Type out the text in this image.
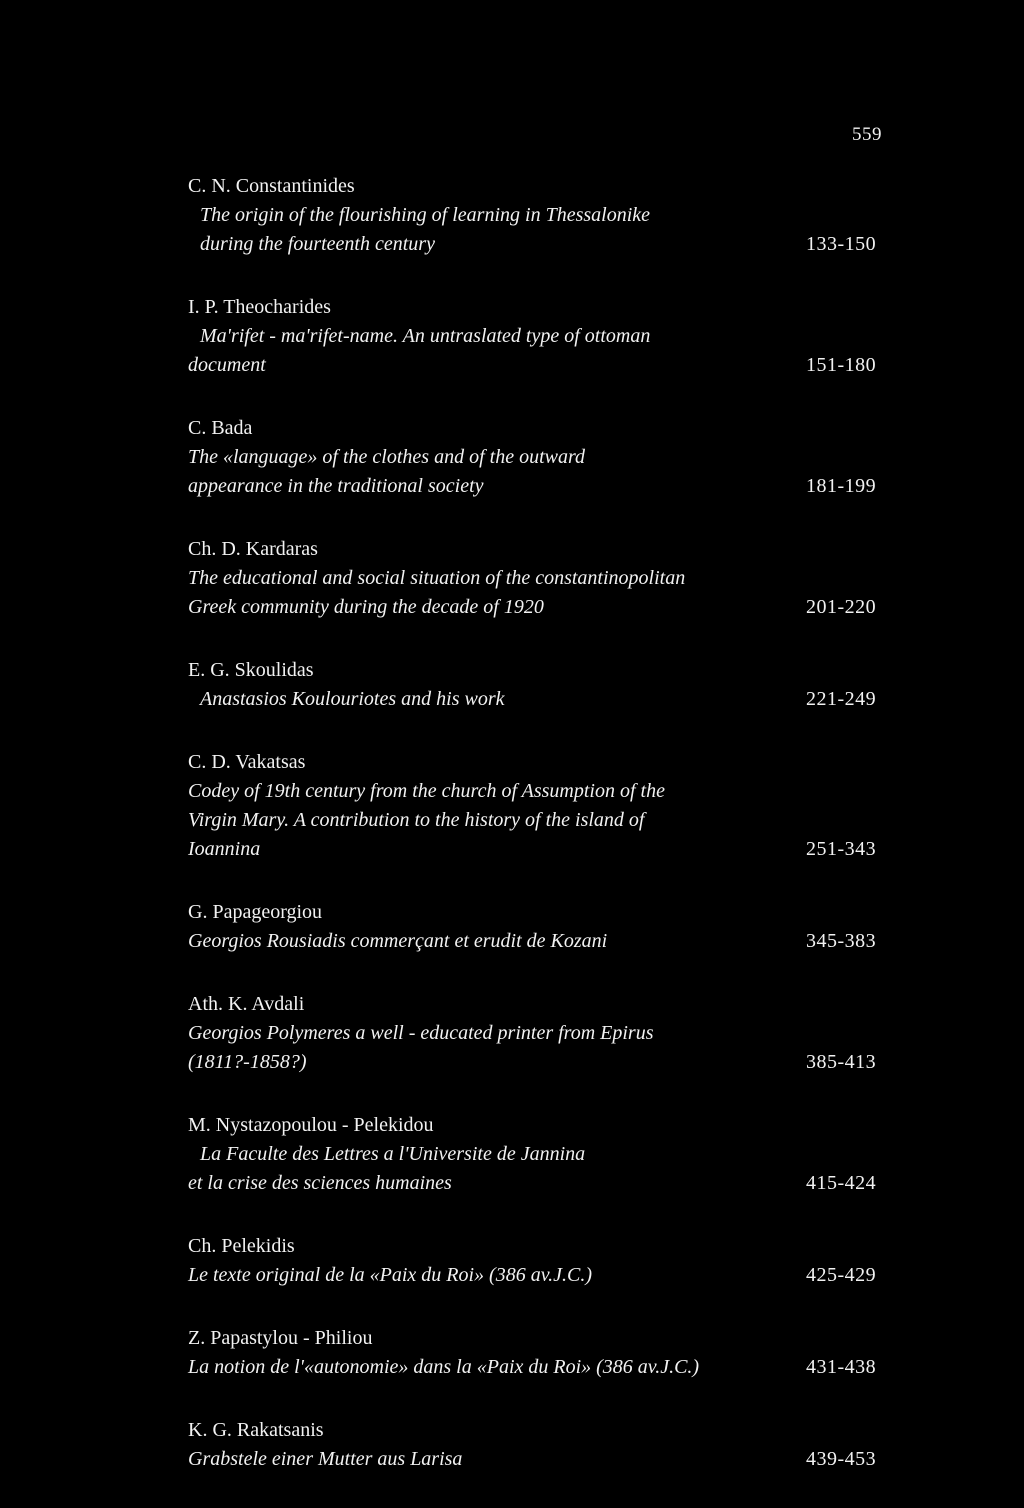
559
C. N. Constantinides
The origin of the flourishing of learning in Thessalonike
during the fourteenth century	133-150
I. P. Theocharides
Ma'rifet - ma'rifet-name. An untraslated type of ottoman
document	151-180
C. Bada
The «language» of the clothes and of the outward
appearance in the traditional society	181-199
Ch. D. Kardaras
The educational and social situation of the constantinopolitan
Greek community during the decade of 1920	201-220
E. G. Skoulidas
Anastasios Koulouriotes and his work	221-249
C. D. Vakatsas
Codey of 19th century from the church of Assumption of the
Virgin Mary. A contribution to the history of the island of
Ioannina	251-343
G. Papageorgiou
Georgios Rousiadis commerçant et erudit de Kozani	345-383
Ath. K. Avdali
Georgios Polymeres a well - educated printer from Epirus
(1811?-1858?)	385-413
M. Nystazopoulou - Pelekidou
La Faculte des Lettres a l'Universite de Jannina
et la crise des sciences humaines	415-424
Ch. Pelekidis
Le texte original de la «Paix du Roi» (386 av.J.C.)	425-429
Z. Papastylou - Philiou
La notion de l'«autonomie» dans la «Paix du Roi» (386 av.J.C.)	431-438
K. G. Rakatsanis
Grabstele einer Mutter aus Larisa	439-453
